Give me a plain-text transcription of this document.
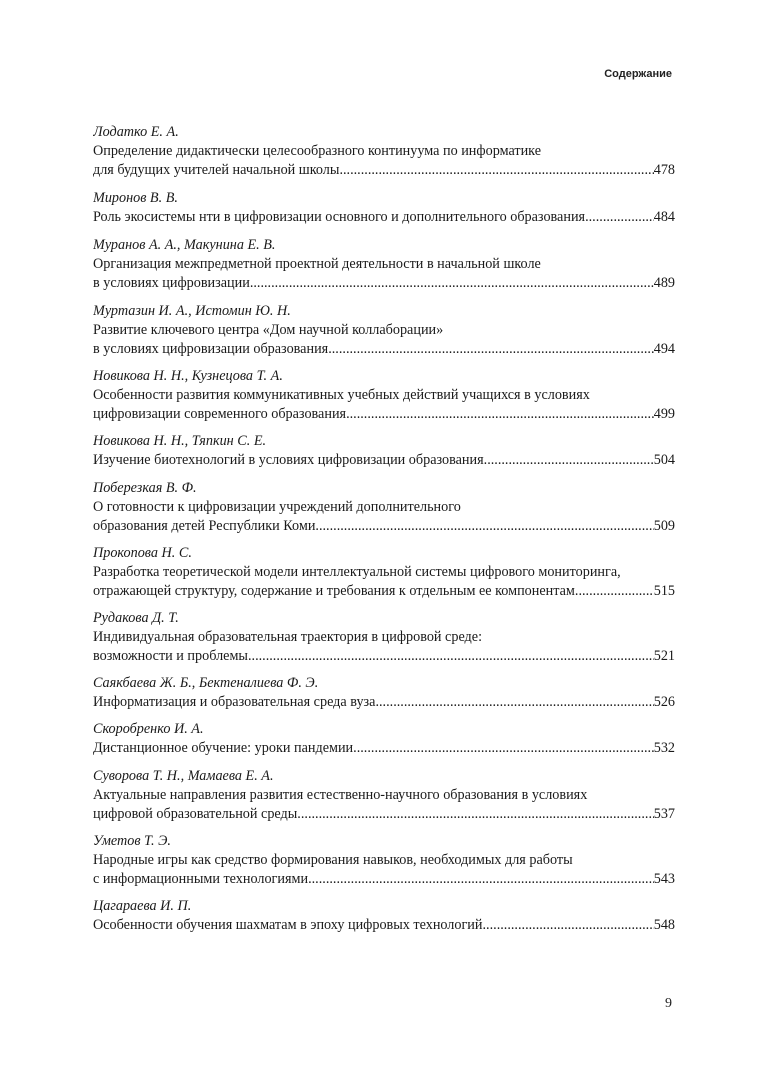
Содержание
Лодатко Е. А.
Определение дидактически целесообразного континуума по информатике
для будущих учителей начальной школы .....	478
Миронов В. В.
Роль экосистемы нти в цифровизации основного и дополнительного образования .....	484
Муранов А. А., Макунина Е. В.
Организация межпредметной проектной деятельности в начальной школе
в условиях цифровизации .....	489
Муртазин И. А., Истомин Ю. Н.
Развитие ключевого центра «Дом научной коллаборации»
в условиях цифровизации образования .....	494
Новикова Н. Н., Кузнецова Т. А.
Особенности развития коммуникативных учебных действий учащихся в условиях
цифровизации современного образования .....	499
Новикова Н. Н., Тяпкин С. Е.
Изучение биотехнологий в условиях цифровизации образования .....	504
Поберезкая В. Ф.
О готовности к цифровизации учреждений дополнительного
образования детей Республики Коми .....	509
Прокопова Н. С.
Разработка теоретической модели интеллектуальной системы цифрового мониторинга,
отражающей структуру, содержание и требования к отдельным ее компонентам .....	515
Рудакова Д. Т.
Индивидуальная образовательная траектория в цифровой среде:
возможности и проблемы .....	521
Саякбаева Ж. Б., Бектеналиева Ф. Э.
Информатизация и образовательная среда вуза .....	526
Скоробренко И. А.
Дистанционное обучение: уроки пандемии .....	532
Суворова Т. Н., Мамаева Е. А.
Актуальные направления развития естественно-научного образования в условиях
цифровой образовательной среды .....	537
Уметов Т. Э.
Народные игры как средство формирования навыков, необходимых для работы
с информационными технологиями .....	543
Цагараева И. П.
Особенности обучения шахматам в эпоху цифровых технологий .....	548
9
